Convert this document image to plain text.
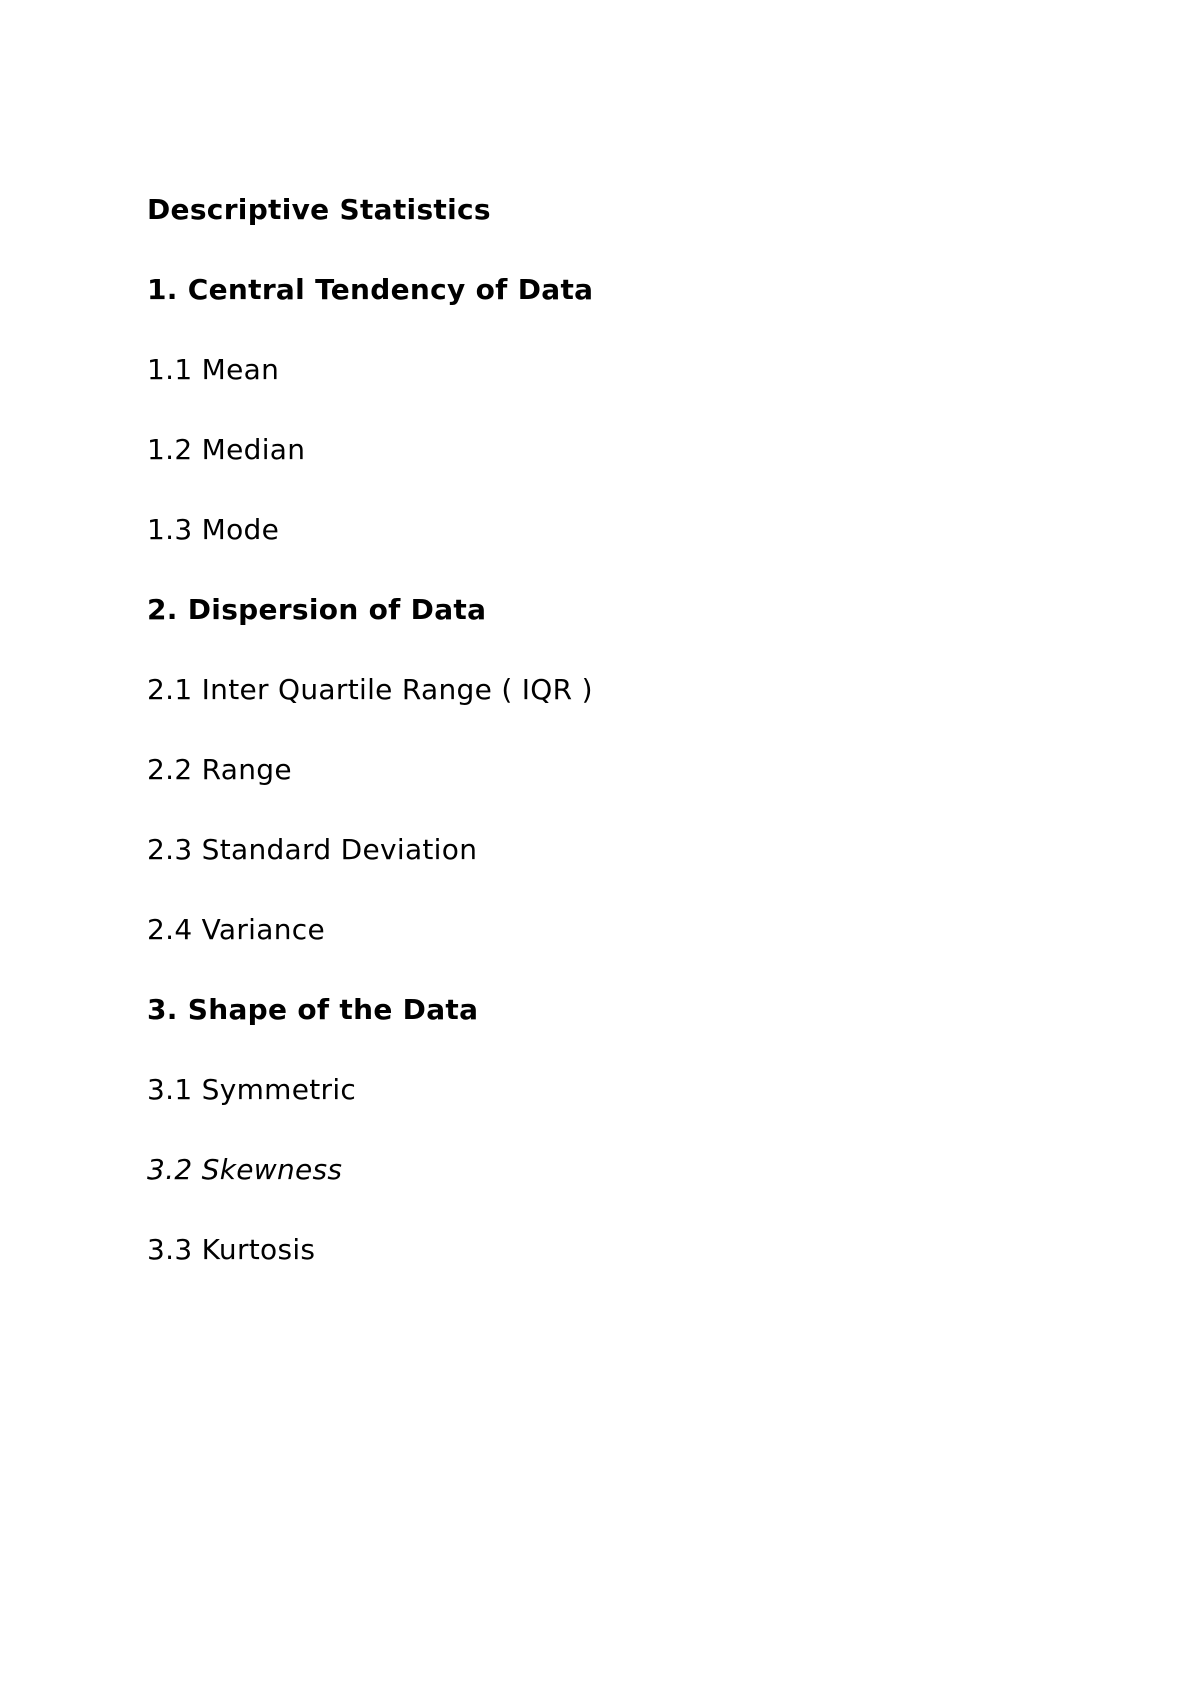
Descriptive Statistics
1. Central Tendency of Data
1.1 Mean
1.2 Median
1.3 Mode
2. Dispersion of Data
2.1 Inter Quartile Range ( IQR )
2.2 Range
2.3 Standard Deviation
2.4 Variance
3. Shape of the Data
3.1 Symmetric
3.2 Skewness
3.3 Kurtosis
